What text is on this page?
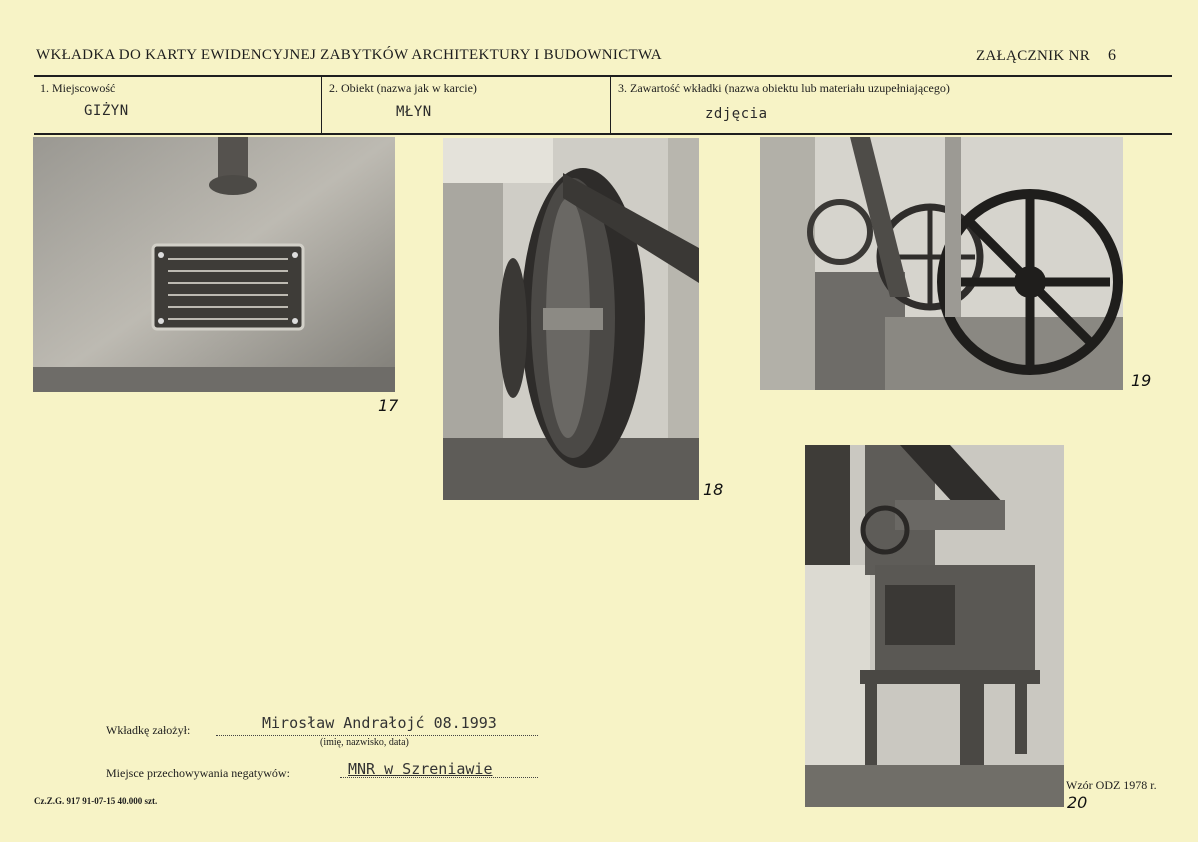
WKŁADKA DO KARTY EWIDENCYJNEJ ZABYTKÓW ARCHITEKTURY I BUDOWNICTWA	ZAŁĄCZNIK NR 6
1. Miejscowość
GIŻYN
2. Obiekt (nazwa jak w karcie)
MŁYN
3. Zawartość wkładki (nazwa obiektu lub materiału uzupełniającego)
zdjęcia
17
18
19
20
Wkładkę założył:	Mirosław Andrałojć 08.1993
(imię, nazwisko, data)
Miejsce przechowywania negatywów:	MNR w Szreniawie
Cz.Z.G. 917 91-07-15 40.000 szt.
Wzór ODZ 1978 r.
